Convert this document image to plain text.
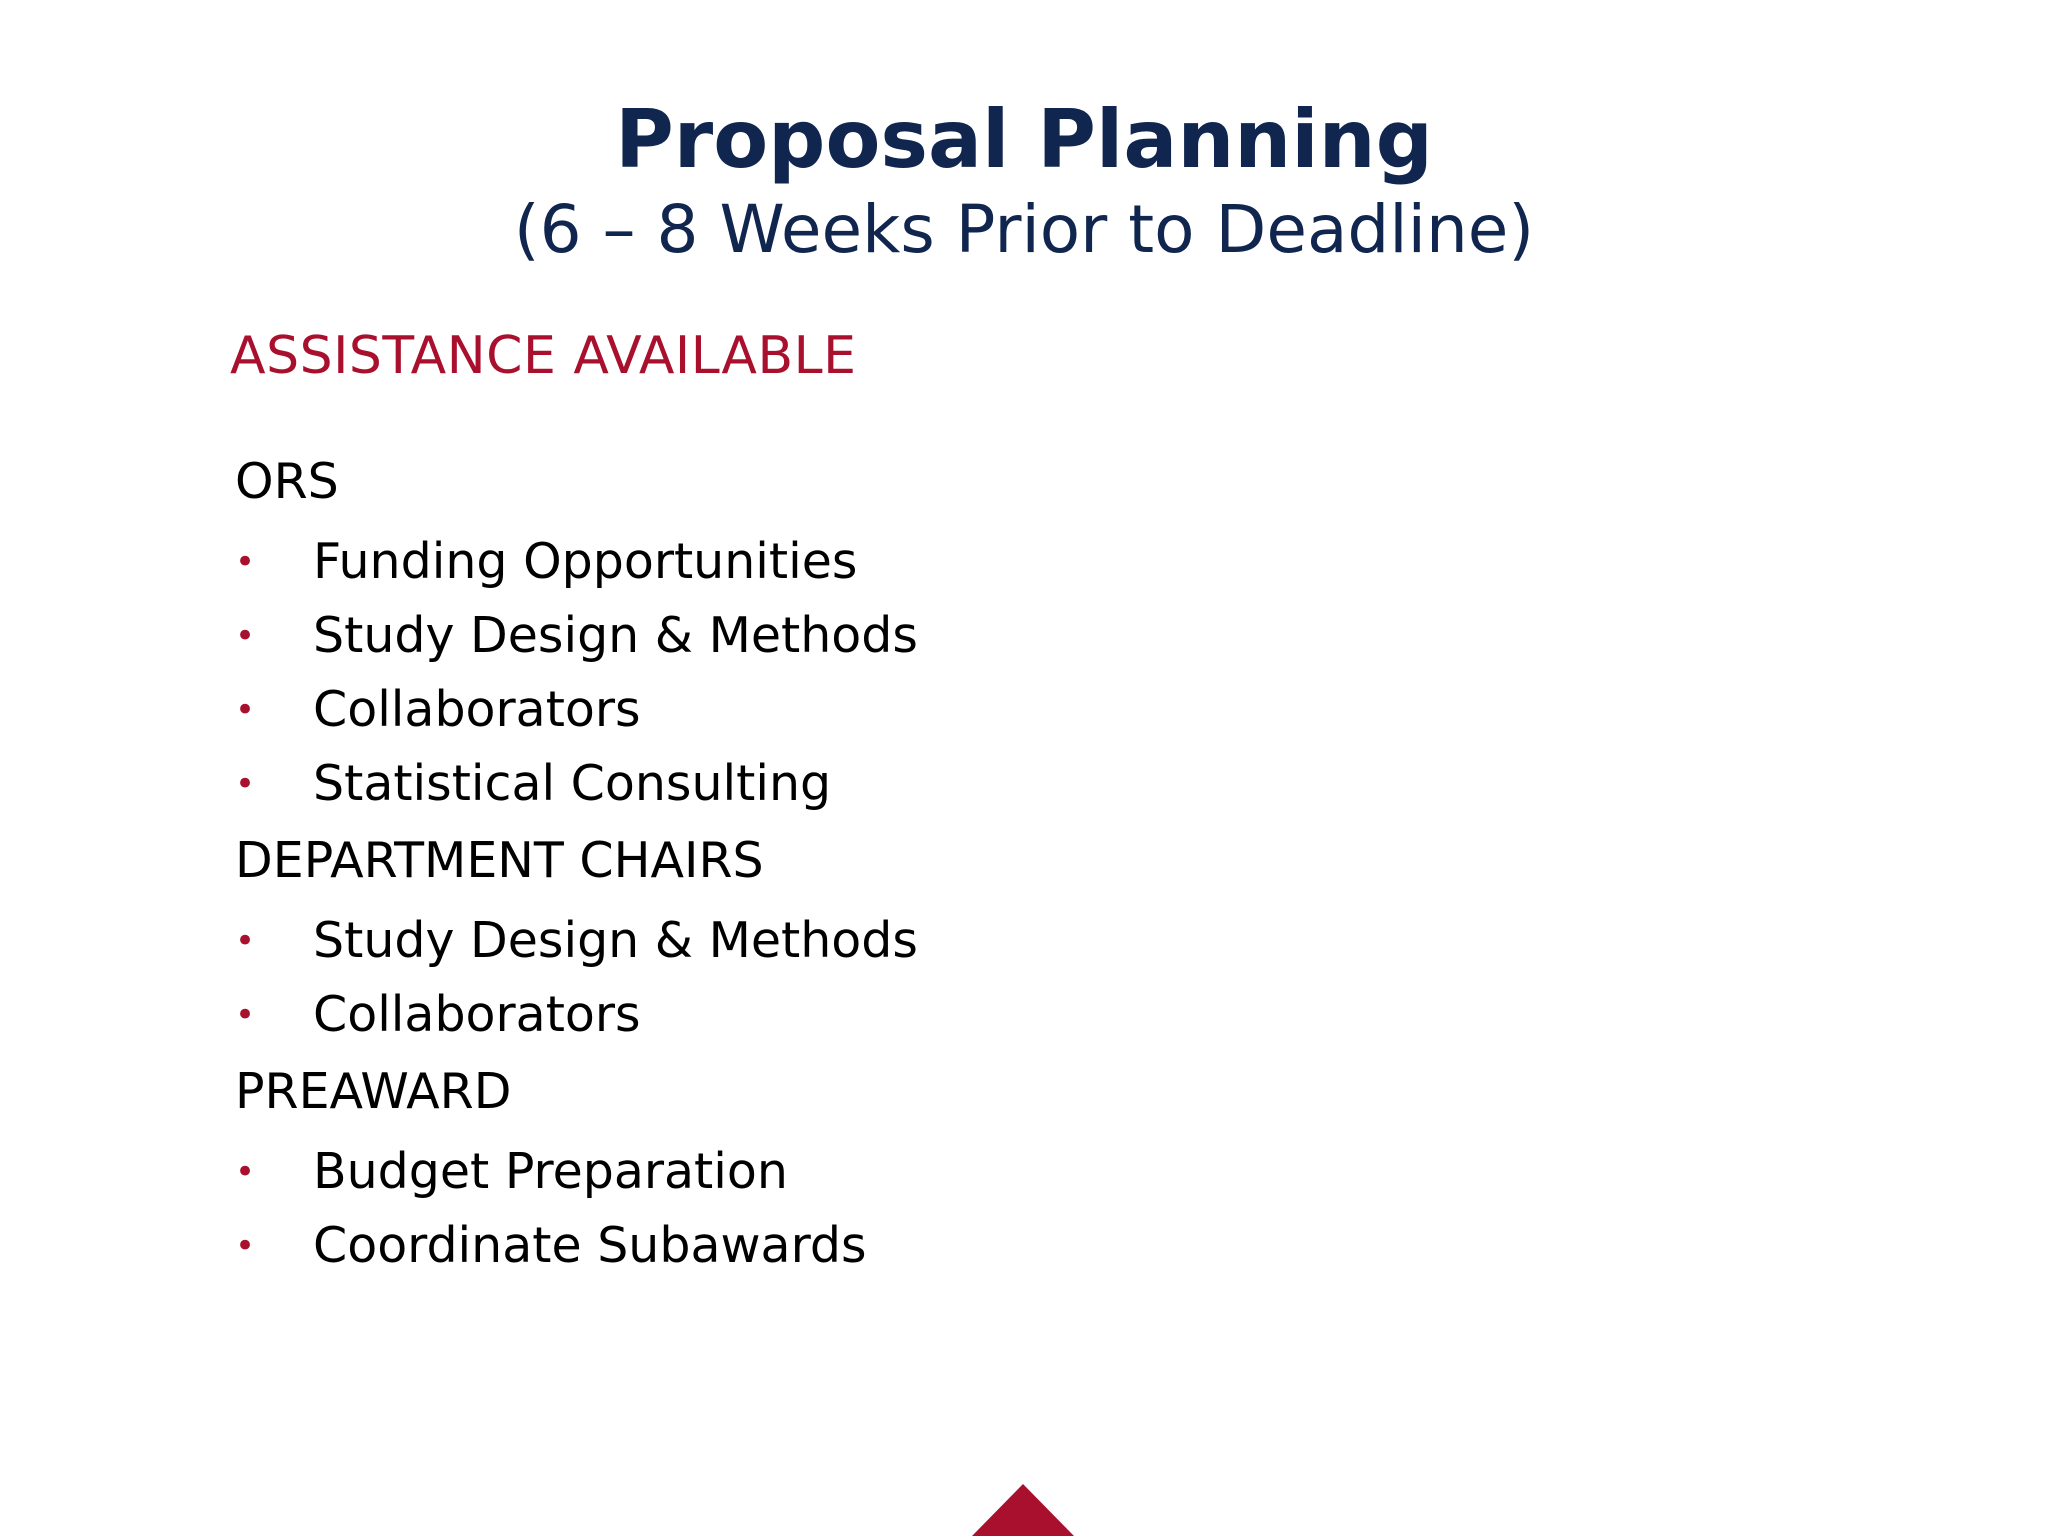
Proposal Planning

(6 – 8 Weeks Prior to Deadline)

ASSISTANCE AVAILABLE

ORS

• Funding Opportunities
• Study Design & Methods
• Collaborators
• Statistical Consulting

DEPARTMENT CHAIRS

• Study Design & Methods
• Collaborators

PREAWARD

• Budget Preparation
• Coordinate Subawards
